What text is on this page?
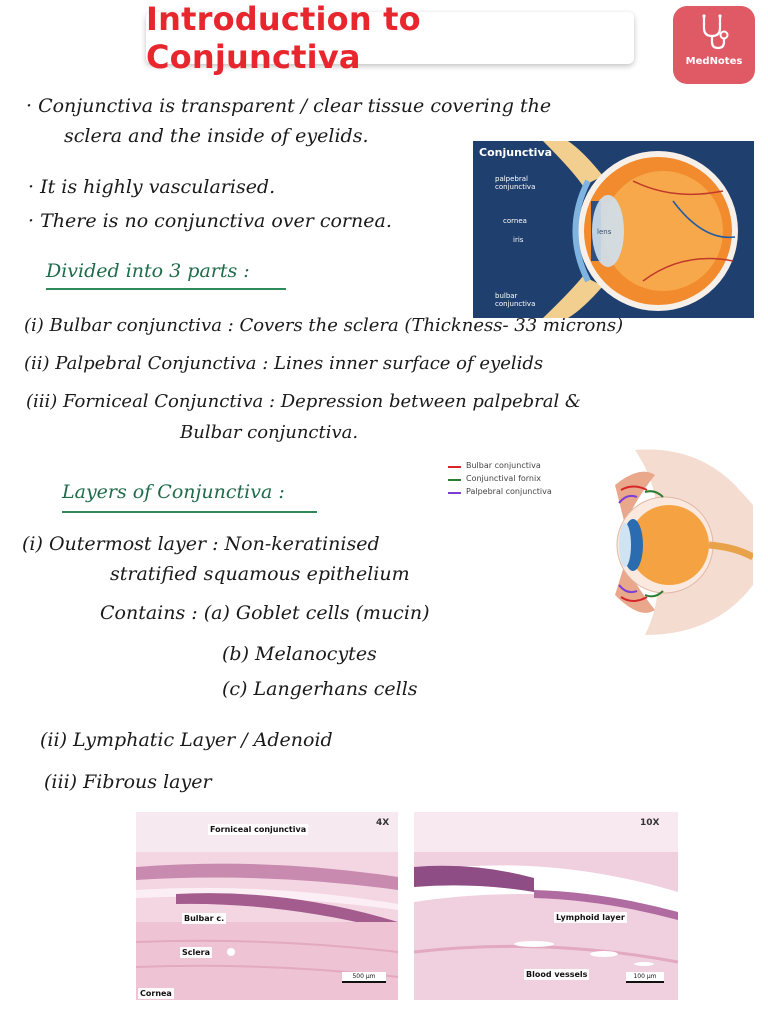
Introduction to Conjunctiva	MedNotes
· Conjunctiva is transparent / clear tissue covering the
sclera and the inside of eyelids.
· It is highly vascularised.
· There is no conjunctiva over cornea.
Conjunctiva
palpebral
conjunctiva
cornea
iris
lens
bulbar
conjunctiva
Divided into 3 parts :
(i) Bulbar conjunctiva : Covers the sclera (Thickness- 33 microns)
(ii) Palpebral Conjunctiva : Lines inner surface of eyelids
(iii) Forniceal Conjunctiva : Depression between palpebral &
Bulbar conjunctiva.
Layers of Conjunctiva :
(i) Outermost layer : Non-keratinised
stratified squamous epithelium
Contains : (a) Goblet cells (mucin)
(b) Melanocytes
(c) Langerhans cells
(ii) Lymphatic Layer / Adenoid
(iii) Fibrous layer
Bulbar conjunctiva
Conjunctival fornix
Palpebral conjunctiva
4X
Forniceal conjunctiva
Bulbar c.
Sclera
Cornea
500 µm
10X
Lymphoid layer
Blood vessels	100 µm
